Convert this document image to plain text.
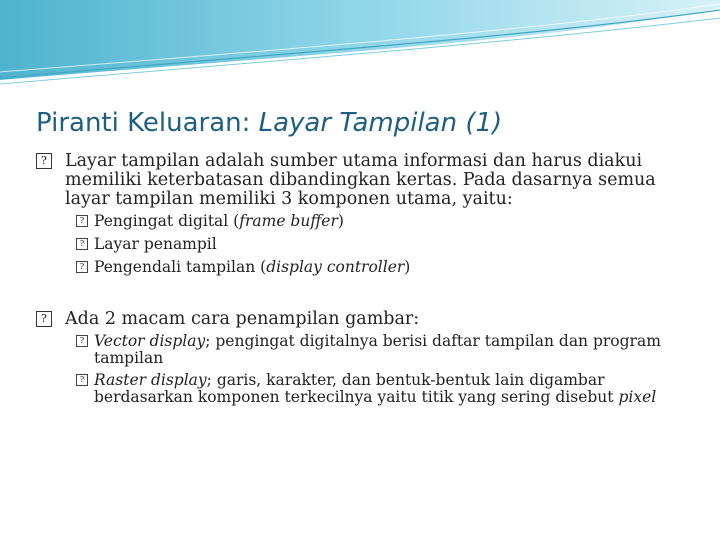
Piranti Keluaran: Layar Tampilan (1)

? Layar tampilan adalah sumber utama informasi dan harus diakui memiliki keterbatasan dibandingkan kertas. Pada dasarnya semua layar tampilan memiliki 3 komponen utama, yaitu:

? Pengingat digital (frame buffer)
? Layar penampil
? Pengendali tampilan (display controller)

? Ada 2 macam cara penampilan gambar:

? Vector display; pengingat digitalnya berisi daftar tampilan dan program tampilan
? Raster display; garis, karakter, dan bentuk-bentuk lain digambar berdasarkan komponen terkecilnya yaitu titik yang sering disebut pixel
